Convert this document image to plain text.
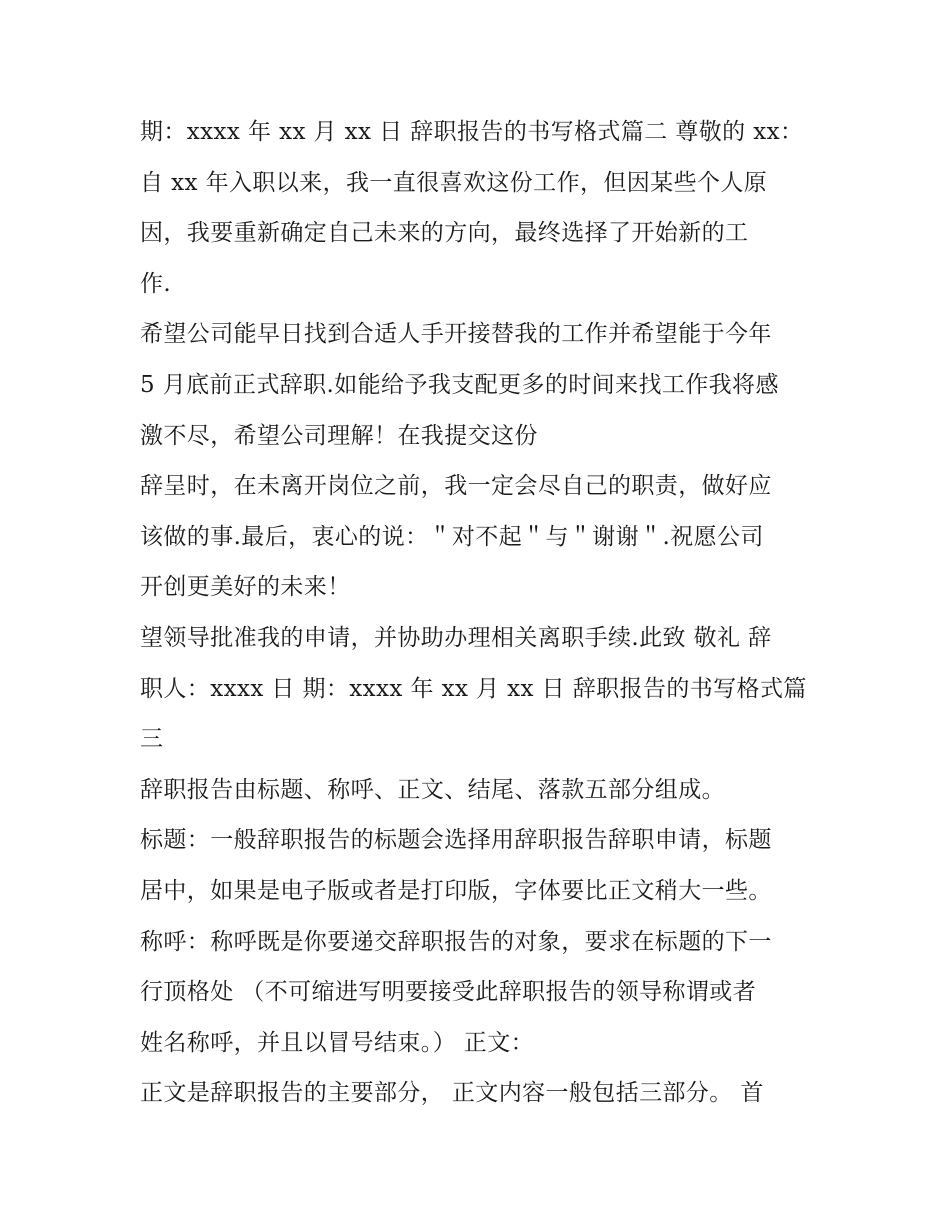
期：xxxx 年 xx 月 xx 日 辞职报告的书写格式篇二 尊敬的 xx：
自 xx 年入职以来，我一直很喜欢这份工作，但因某些个人原
因，我要重新确定自己未来的方向，最终选择了开始新的工
作.
希望公司能早日找到合适人手开接替我的工作并希望能于今年
5 月底前正式辞职.如能给予我支配更多的时间来找工作我将感
激不尽，希望公司理解！在我提交这份
辞呈时，在未离开岗位之前，我一定会尽自己的职责，做好应
该做的事.最后，衷心的说：＂对不起＂与＂谢谢＂.祝愿公司
开创更美好的未来！
望领导批准我的申请，并协助办理相关离职手续.此致 敬礼 辞
职人：xxxx 日 期：xxxx 年 xx 月 xx 日 辞职报告的书写格式篇
三
辞职报告由标题、称呼、正文、结尾、落款五部分组成。
标题：一般辞职报告的标题会选择用辞职报告辞职申请，标题
居中，如果是电子版或者是打印版，字体要比正文稍大一些。
称呼：称呼既是你要递交辞职报告的对象，要求在标题的下一
行顶格处 （不可缩进写明要接受此辞职报告的领导称谓或者
姓名称呼，并且以冒号结束。） 正文：
正文是辞职报告的主要部分， 正文内容一般包括三部分。 首
